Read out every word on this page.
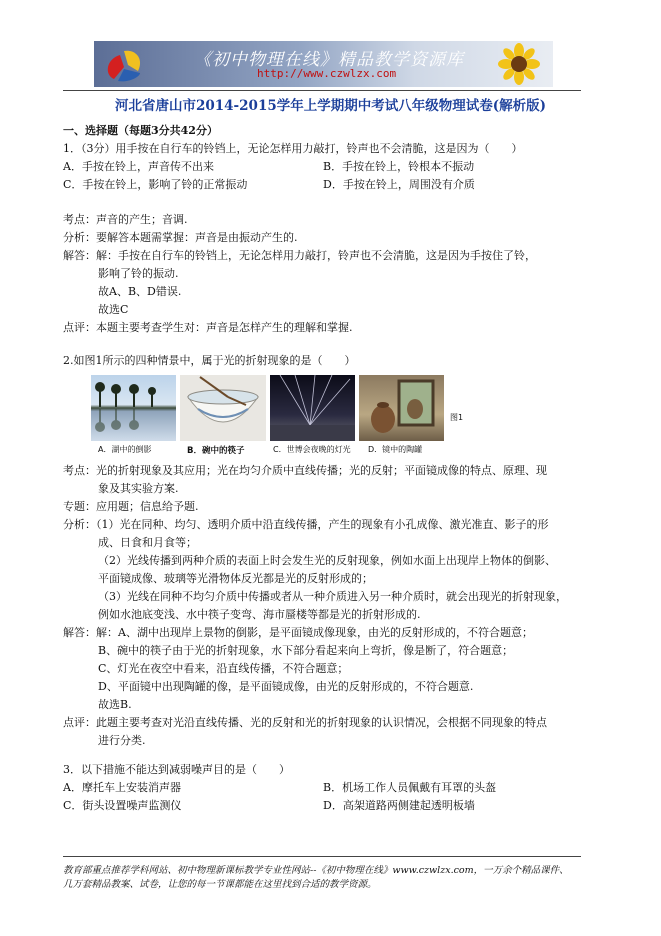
《初中物理在线》精品教学资源库
http://www.czwlzx.com
河北省唐山市2014-2015学年上学期期中考试八年级物理试卷(解析版)
一、选择题（每题3分共42分）
1．（3分）用手按在自行车的铃铛上，无论怎样用力敲打，铃声也不会清脆，这是因为（　　）
A．手按在铃上，声音传不出来	B．手按在铃上，铃根本不振动
C．手按在铃上，影响了铃的正常振动	D．手按在铃上，周围没有介质
考点：声音的产生；音调.
分析：要解答本题需掌握：声音是由振动产生的.
解答：解：手按在自行车的铃铛上，无论怎样用力敲打，铃声也不会清脆，这是因为手按住了铃，
影响了铃的振动.
故A、B、D错误.
故选C
点评：本题主要考查学生对：声音是怎样产生的理解和掌握.
2.如图1所示的四种情景中，属于光的折射现象的是（　　）
图1
A．湖中的倒影	B．碗中的筷子	C．世博会夜晚的灯光 D．镜中的陶罐
考点：光的折射现象及其应用；光在均匀介质中直线传播；光的反射；平面镜成像的特点、原理、现
象及其实验方案.
专题：应用题；信息给予题.
分析：（1）光在同种、均匀、透明介质中沿直线传播，产生的现象有小孔成像、激光准直、影子的形
成、日食和月食等；
（2）光线传播到两种介质的表面上时会发生光的反射现象，例如水面上出现岸上物体的倒影、
平面镜成像、玻璃等光滑物体反光都是光的反射形成的；
（3）光线在同种不均匀介质中传播或者从一种介质进入另一种介质时，就会出现光的折射现象，
例如水池底变浅、水中筷子变弯、海市蜃楼等都是光的折射形成的.
解答：解：A、湖中出现岸上景物的倒影，是平面镜成像现象，由光的反射形成的，不符合题意；
B、碗中的筷子由于光的折射现象，水下部分看起来向上弯折，像是断了，符合题意；
C、灯光在夜空中看来，沿直线传播，不符合题意；
D、平面镜中出现陶罐的像，是平面镜成像，由光的反射形成的，不符合题意.
故选B.
点评：此题主要考查对光沿直线传播、光的反射和光的折射现象的认识情况，会根据不同现象的特点
进行分类.
3．以下措施不能达到减弱噪声目的是（　　）
A．摩托车上安装消声器	B．机场工作人员佩戴有耳罩的头盔
C．街头设置噪声监测仪	D．高架道路两侧建起透明板墙
教育部重点推荐学科网站、初中物理新课标教学专业性网站--《初中物理在线》www.czwlzx.com，一万余个精品课件、
几万套精品教案、试卷，让您的每一节课都能在这里找到合适的教学资源。
